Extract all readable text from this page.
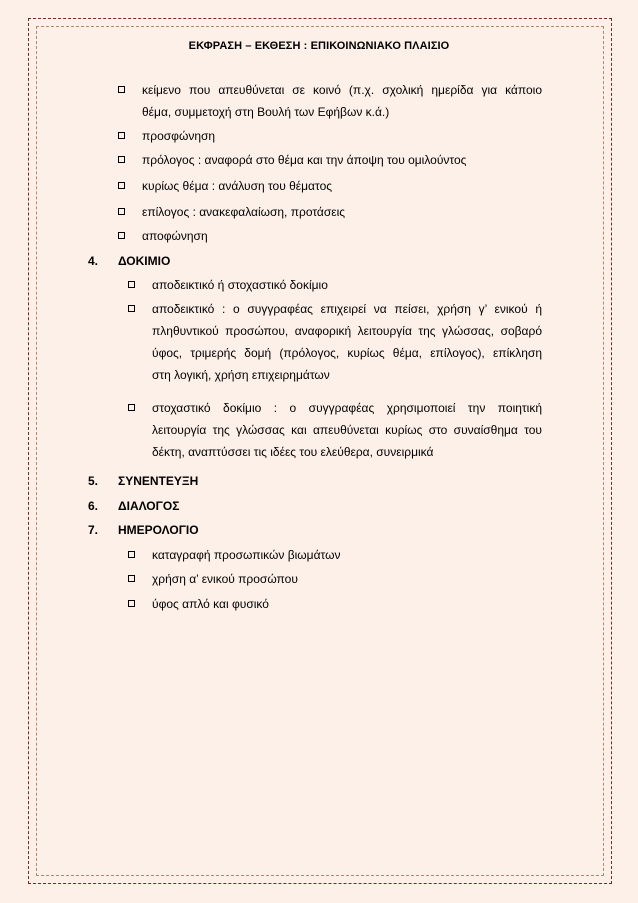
ΕΚΦΡΑΣΗ – ΕΚΘΕΣΗ : ΕΠΙΚΟΙΝΩΝΙΑΚΟ ΠΛΑΙΣΙΟ
κείμενο που απευθύνεται σε κοινό (π.χ. σχολική ημερίδα για κάποιο
θέμα, συμμετοχή στη Βουλή των Εφήβων κ.ά.)
προσφώνηση
πρόλογος : αναφορά στο θέμα και την άποψη του ομιλούντος
κυρίως θέμα : ανάλυση του θέματος
επίλογος : ανακεφαλαίωση, προτάσεις
αποφώνηση
4. ΔΟΚΙΜΙΟ
αποδεικτικό ή στοχαστικό δοκίμιο
αποδεικτικό : ο συγγραφέας επιχειρεί να πείσει, χρήση γ’ ενικού ή
πληθυντικού προσώπου, αναφορική λειτουργία της γλώσσας, σοβαρό
ύφος, τριμερής δομή (πρόλογος, κυρίως θέμα, επίλογος), επίκληση
στη λογική, χρήση επιχειρημάτων
στοχαστικό δοκίμιο : ο συγγραφέας χρησιμοποιεί την ποιητική
λειτουργία της γλώσσας και απευθύνεται κυρίως στο συναίσθημα του
δέκτη, αναπτύσσει τις ιδέες του ελεύθερα, συνειρμικά
5. ΣΥΝΕΝΤΕΥΞΗ
6. ΔΙΑΛΟΓΟΣ
7. ΗΜΕΡΟΛΟΓΙΟ
καταγραφή προσωπικών βιωμάτων
χρήση α’ ενικού προσώπου
ύφος απλό και φυσικό
